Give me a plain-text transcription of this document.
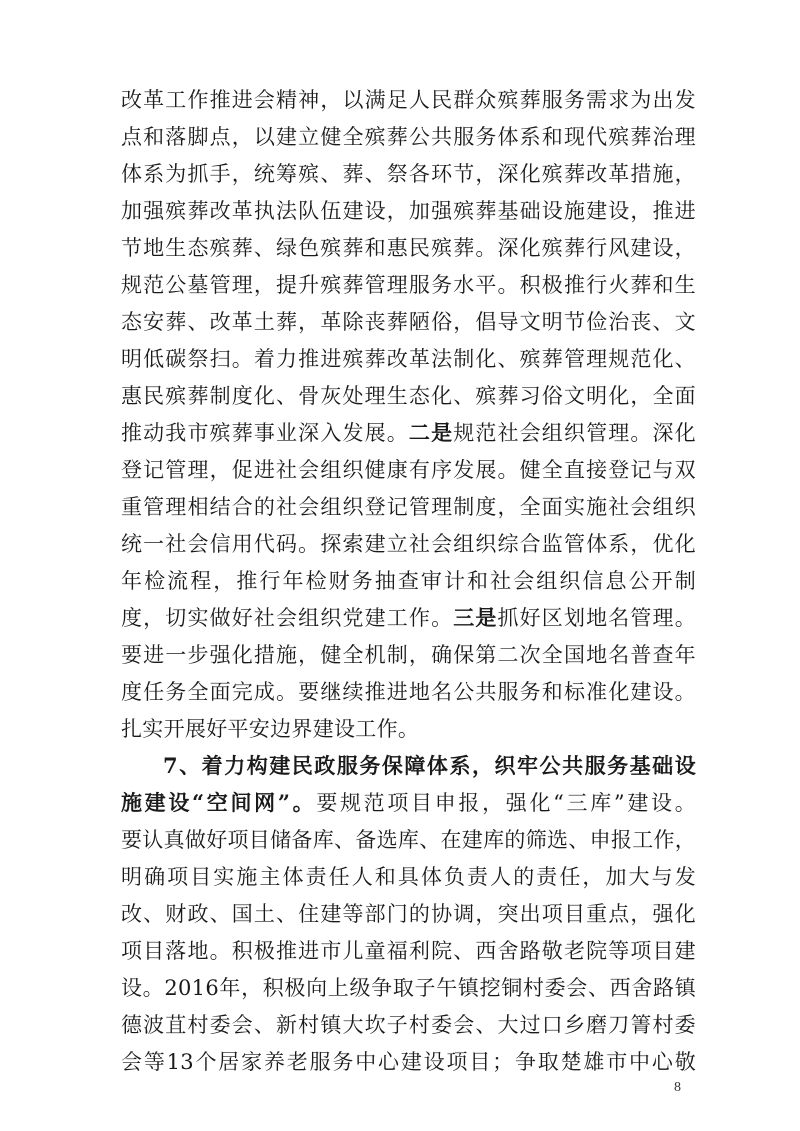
改革工作推进会精神，以满足人民群众殡葬服务需求为出发
点和落脚点，以建立健全殡葬公共服务体系和现代殡葬治理
体系为抓手，统筹殡、葬、祭各环节，深化殡葬改革措施，
加强殡葬改革执法队伍建设，加强殡葬基础设施建设，推进
节地生态殡葬、绿色殡葬和惠民殡葬。深化殡葬行风建设，
规范公墓管理，提升殡葬管理服务水平。积极推行火葬和生
态安葬、改革土葬，革除丧葬陋俗，倡导文明节俭治丧、文
明低碳祭扫。着力推进殡葬改革法制化、殡葬管理规范化、
惠民殡葬制度化、骨灰处理生态化、殡葬习俗文明化，全面
推动我市殡葬事业深入发展。二是规范社会组织管理。深化
登记管理，促进社会组织健康有序发展。健全直接登记与双
重管理相结合的社会组织登记管理制度，全面实施社会组织
统一社会信用代码。探索建立社会组织综合监管体系，优化
年检流程，推行年检财务抽查审计和社会组织信息公开制
度，切实做好社会组织党建工作。三是抓好区划地名管理。
要进一步强化措施，健全机制，确保第二次全国地名普查年
度任务全面完成。要继续推进地名公共服务和标准化建设。
扎实开展好平安边界建设工作。
7、着力构建民政服务保障体系，织牢公共服务基础设
施建设“空间网”。要规范项目申报，强化“三库”建设。
要认真做好项目储备库、备选库、在建库的筛选、申报工作，
明确项目实施主体责任人和具体负责人的责任，加大与发
改、财政、国土、住建等部门的协调，突出项目重点，强化
项目落地。积极推进市儿童福利院、西舍路敬老院等项目建
设。2016年，积极向上级争取子午镇挖铜村委会、西舍路镇
德波苴村委会、新村镇大坎子村委会、大过口乡磨刀箐村委
会等13个居家养老服务中心建设项目；争取楚雄市中心敬
8
